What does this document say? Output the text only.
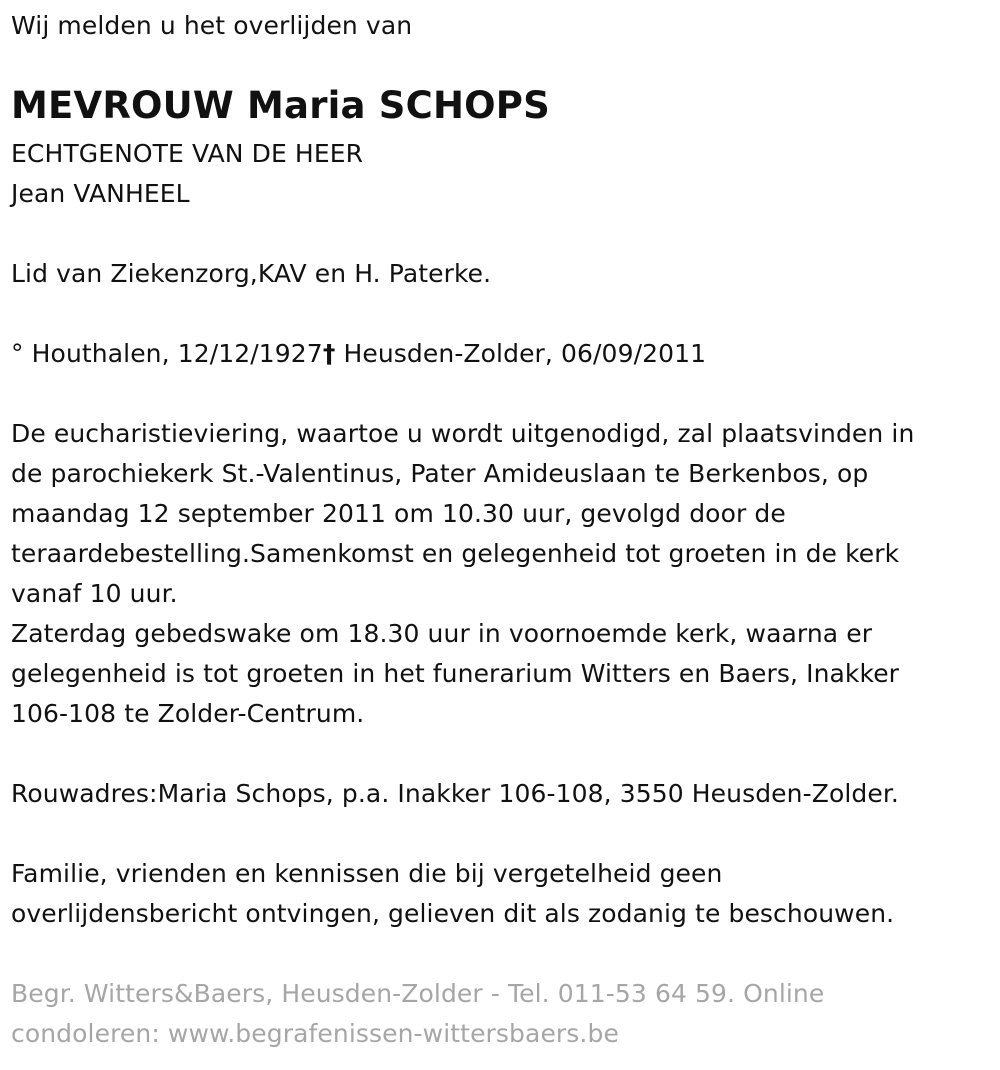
Wij melden u het overlijden van
MEVROUW Maria SCHOPS
ECHTGENOTE VAN DE HEER
Jean VANHEEL
Lid van Ziekenzorg,KAV en H. Paterke.
° Houthalen, 12/12/1927† Heusden-Zolder, 06/09/2011
De eucharistieviering, waartoe u wordt uitgenodigd, zal plaatsvinden in
de parochiekerk St.-Valentinus, Pater Amideuslaan te Berkenbos, op
maandag 12 september 2011 om 10.30 uur, gevolgd door de
teraardebestelling.Samenkomst en gelegenheid tot groeten in de kerk
vanaf 10 uur.
Zaterdag gebedswake om 18.30 uur in voornoemde kerk, waarna er
gelegenheid is tot groeten in het funerarium Witters en Baers, Inakker
106-108 te Zolder-Centrum.
Rouwadres:Maria Schops, p.a. Inakker 106-108, 3550 Heusden-Zolder.
Familie, vrienden en kennissen die bij vergetelheid geen
overlijdensbericht ontvingen, gelieven dit als zodanig te beschouwen.
Begr. Witters&Baers, Heusden-Zolder - Tel. 011-53 64 59. Online
condoleren: www.begrafenissen-wittersbaers.be
